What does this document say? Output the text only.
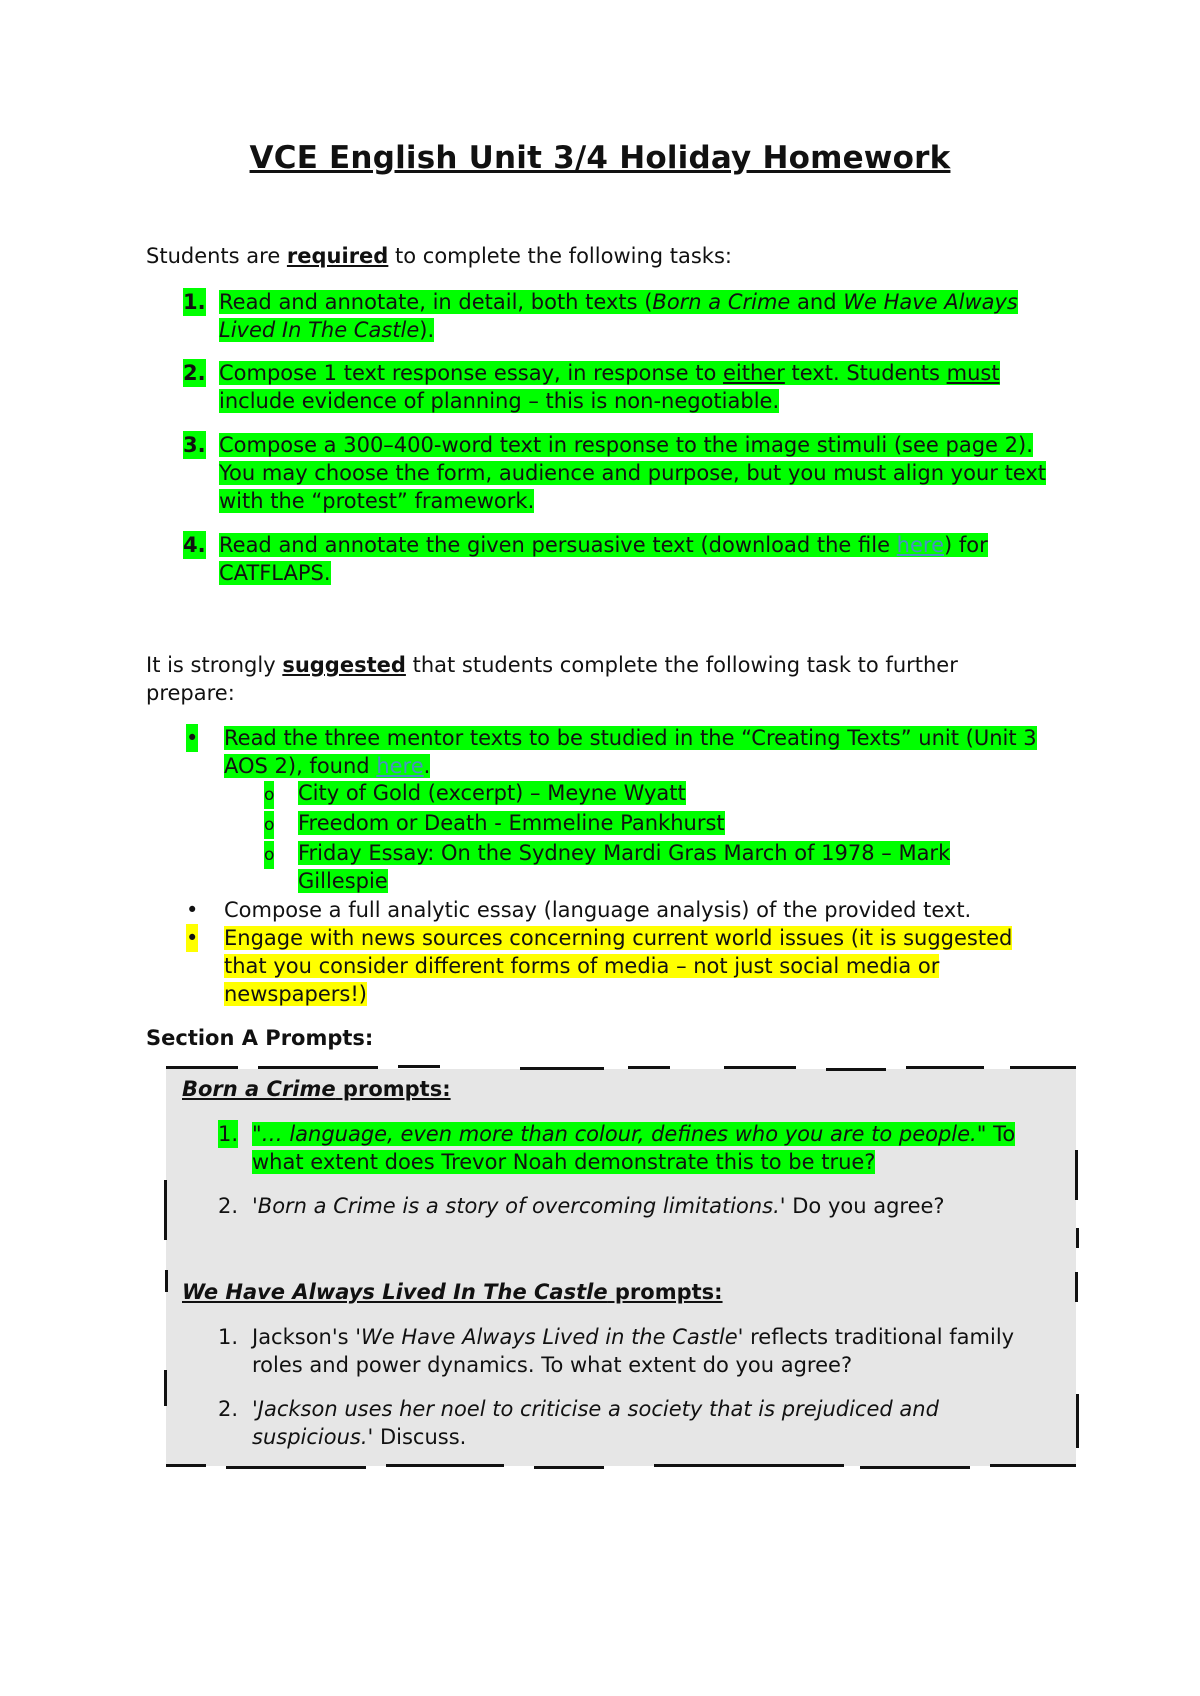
VCE English Unit 3/4 Holiday Homework
Students are required to complete the following tasks:
1. Read and annotate, in detail, both texts (Born a Crime and We Have Always Lived In The Castle).
2. Compose 1 text response essay, in response to either text. Students must include evidence of planning – this is non-negotiable.
3. Compose a 300–400-word text in response to the image stimuli (see page 2). You may choose the form, audience and purpose, but you must align your text with the “protest” framework.
4. Read and annotate the given persuasive text (download the file here) for CATFLAPS.
It is strongly suggested that students complete the following task to further prepare:
• Read the three mentor texts to be studied in the “Creating Texts” unit (Unit 3 AOS 2), found here.
o City of Gold (excerpt) – Meyne Wyatt
o Freedom or Death - Emmeline Pankhurst
o Friday Essay: On the Sydney Mardi Gras March of 1978 – Mark Gillespie
• Compose a full analytic essay (language analysis) of the provided text.
• Engage with news sources concerning current world issues (it is suggested that you consider different forms of media – not just social media or newspapers!)
Section A Prompts:
Born a Crime prompts:
1. "… language, even more than colour, defines who you are to people." To what extent does Trevor Noah demonstrate this to be true?
2. 'Born a Crime is a story of overcoming limitations.' Do you agree?
We Have Always Lived In The Castle prompts:
1. Jackson's 'We Have Always Lived in the Castle' reflects traditional family roles and power dynamics. To what extent do you agree?
2. 'Jackson uses her noel to criticise a society that is prejudiced and suspicious.' Discuss.
